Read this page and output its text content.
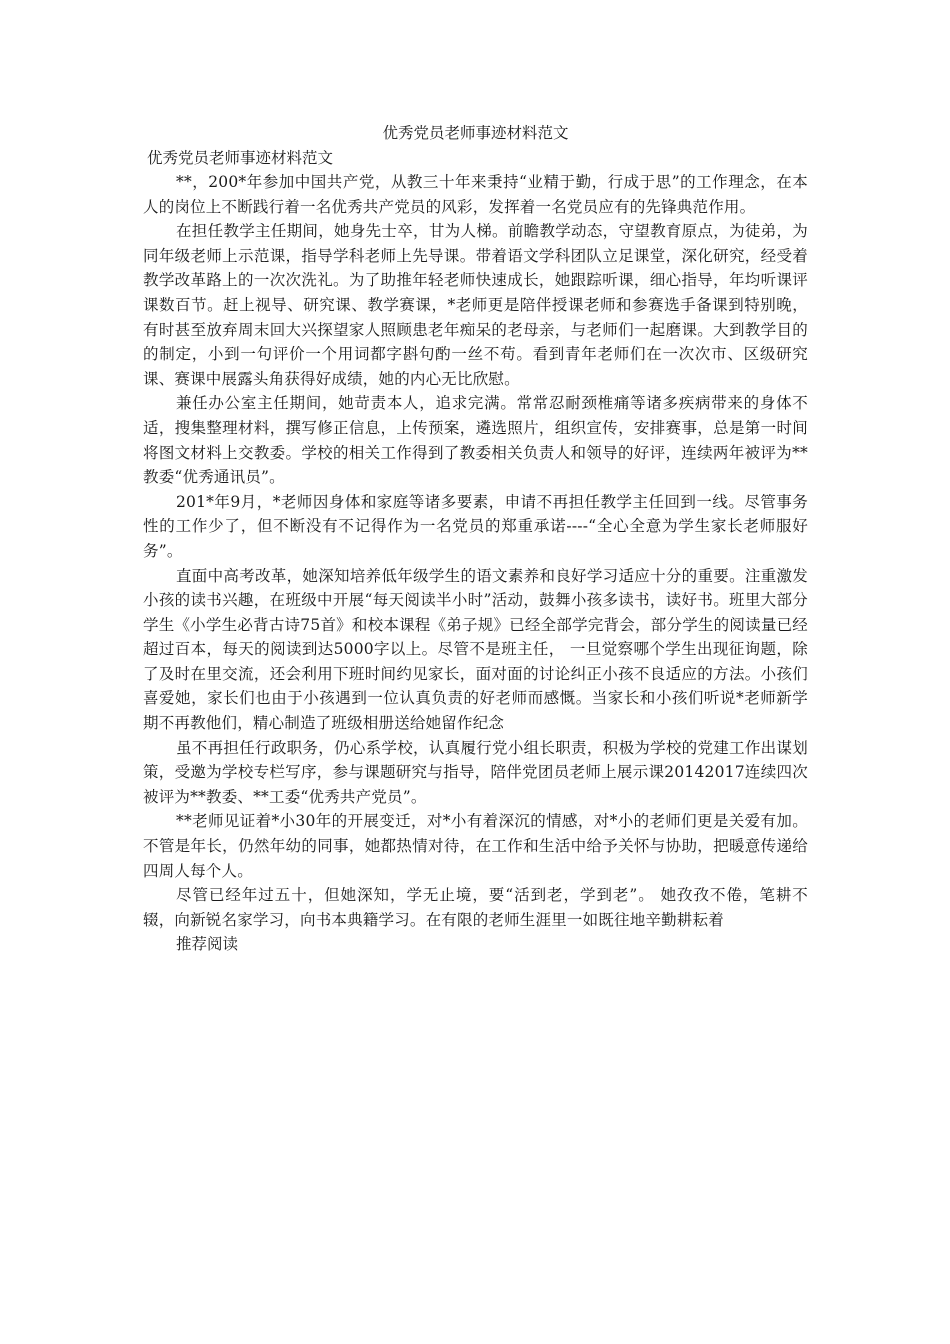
优秀党员老师事迹材料范文

优秀党员老师事迹材料范文

**，200*年参加中国共产党，从教三十年来秉持“业精于勤，行成于思”的工作理念，在本人的岗位上不断践行着一名优秀共产党员的风彩，发挥着一名党员应有的先锋典范作用。

在担任教学主任期间，她身先士卒，甘为人梯。前瞻教学动态，守望教育原点，为徒弟，为同年级老师上示范课，指导学科老师上先导课。带着语文学科团队立足课堂，深化研究，经受着教学改革路上的一次次洗礼。为了助推年轻老师快速成长，她跟踪听课，细心指导，年均听课评课数百节。赶上视导、研究课、教学赛课，*老师更是陪伴授课老师和参赛选手备课到特别晚，有时甚至放弃周末回大兴探望家人照顾患老年痴呆的老母亲，与老师们一起磨课。大到教学目的的制定，小到一句评价一个用词都字斟句酌一丝不苟。看到青年老师们在一次次市、区级研究课、赛课中展露头角获得好成绩，她的内心无比欣慰。

兼任办公室主任期间，她苛责本人，追求完满。常常忍耐颈椎痛等诸多疾病带来的身体不适，搜集整理材料，撰写修正信息，上传预案，遴选照片，组织宣传，安排赛事，总是第一时间将图文材料上交教委。学校的相关工作得到了教委相关负责人和领导的好评，连续两年被评为**教委“优秀通讯员”。

201*年9月，*老师因身体和家庭等诸多要素，申请不再担任教学主任回到一线。尽管事务性的工作少了，但不断没有不记得作为一名党员的郑重承诺----“全心全意为学生家长老师服好务”。

直面中高考改革，她深知培养低年级学生的语文素养和良好学习适应十分的重要。注重激发小孩的读书兴趣，在班级中开展“每天阅读半小时”活动，鼓舞小孩多读书，读好书。班里大部分学生《小学生必背古诗75首》和校本课程《弟子规》已经全部学完背会，部分学生的阅读量已经超过百本，每天的阅读到达5000字以上。尽管不是班主任， 一旦觉察哪个学生出现征询题，除了及时在里交流，还会利用下班时间约见家长，面对面的讨论纠正小孩不良适应的方法。小孩们喜爱她，家长们也由于小孩遇到一位认真负责的好老师而感慨。当家长和小孩们听说*老师新学期不再教他们，精心制造了班级相册送给她留作纪念

虽不再担任行政职务，仍心系学校，认真履行党小组长职责，积极为学校的党建工作出谋划策，受邀为学校专栏写序，参与课题研究与指导，陪伴党团员老师上展示课20142017连续四次被评为**教委、**工委“优秀共产党员”。

**老师见证着*小30年的开展变迁，对*小有着深沉的情感，对*小的老师们更是关爱有加。不管是年长，仍然年幼的同事，她都热情对待，在工作和生活中给予关怀与协助，把暖意传递给四周人每个人。

尽管已经年过五十，但她深知，学无止境，要“活到老，学到老”。 她孜孜不倦，笔耕不辍，向新锐名家学习，向书本典籍学习。在有限的老师生涯里一如既往地辛勤耕耘着

推荐阅读
